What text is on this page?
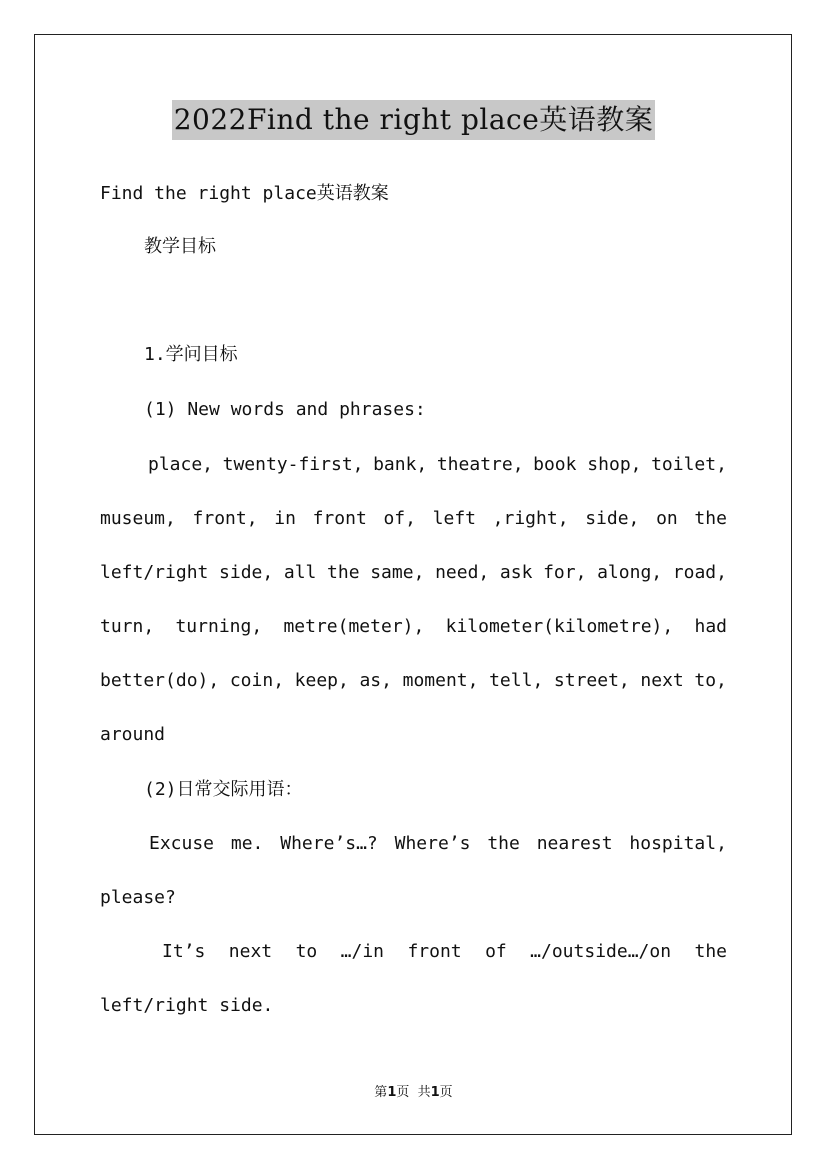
2022Find the right place英语教案
Find the right place英语教案
教学目标
1.学问目标
(1) New words and phrases:
place, twenty-first, bank, theatre, book shop, toilet,
museum, front, in front of, left ,right, side, on the
left/right side, all the same, need, ask for, along, road,
turn, turning, metre(meter), kilometer(kilometre), had
better(do), coin, keep, as, moment, tell, street, next to,
around
(2)日常交际用语：
Excuse me. Where’s…? Where’s the nearest hospital,
please?
It’s next to …/in front of …/outside…/on the
left/right side.
第1页  共1页
